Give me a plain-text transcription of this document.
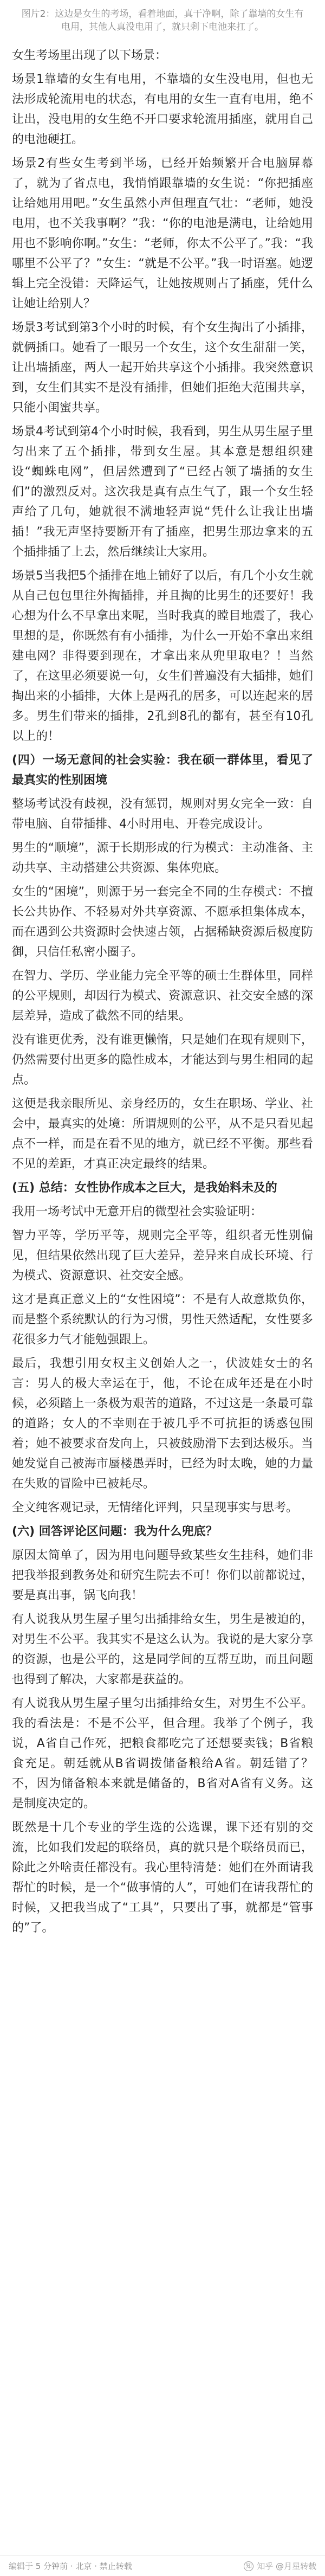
图片2：这边是女生的考场，看着地面，真干净啊，除了靠墙的女生有电用，其他人真没电用了，就只剩下电池来扛了。

女生考场里出现了以下场景：

场景1靠墙的女生有电用，不靠墙的女生没电用，但也无法形成轮流用电的状态，有电用的女生一直有电用，绝不让出，没电用的女生绝不开口要求轮流用插座，就用自己的电池硬扛。

场景2有些女生考到半场，已经开始频繁开合电脑屏幕了，就为了省点电，我悄悄跟靠墙的女生说：“你把插座让给她用用吧。”女生虽然小声但理直气壮：“老师，她没电用，也不关我事啊？”我：“你的电池是满电，让给她用用也不影响你啊。”女生：“老师，你太不公平了。”我：“我哪里不公平了？”女生：“就是不公平。”我一时语塞。她逻辑上完全没错：天降运气，让她按规则占了插座，凭什么让她让给别人？

场景3考试到第3个小时的时候，有个女生掏出了小插排，就俩插口。她看了一眼另一个女生，这个女生甜甜一笑，让出墙插座，两人一起开始共享这个小插排。我突然意识到，女生们其实不是没有插排，但她们拒绝大范围共享，只能小闺蜜共享。

场景4考试到第4个小时时候，我看到，男生从男生屋子里匀出来了五个插排，带到女生屋。其本意是想组织建设“蜘蛛电网”，但居然遭到了“已经占领了墙插的女生们”的激烈反对。这次我是真有点生气了，跟一个女生轻声给了几句，她就很不满地轻声说“凭什么让我让出墙插！”我无声坚持要断开有了插座，把男生那边拿来的五个插排插了上去，然后继续让大家用。

场景5当我把5个插排在地上铺好了以后，有几个小女生就从自己包包里往外掏插排，并且掏的比男生的还要好！我心想为什么不早拿出来呢，当时我真的瞠目地震了，我心里想的是，你既然有有小插排，为什么一开始不拿出来组建电网？非得要到现在，才拿出来从兜里取电？！当然了，在这里必须要说一句，女生们普遍没有大插排，她们掏出来的小插排，大体上是两孔的居多，可以连起来的居多。男生们带来的插排，2孔到8孔的都有，甚至有10孔以上的！

(四）一场无意间的社会实验：我在硕一群体里，看见了最真实的性别困境

整场考试没有歧视，没有惩罚，规则对男女完全一致：自带电脑、自带插排、4小时用电、开卷完成设计。

男生的“顺境”，源于长期形成的行为模式：主动准备、主动共享、主动搭建公共资源、集体兜底。

女生的“困境”，则源于另一套完全不同的生存模式：不擅长公共协作、不轻易对外共享资源、不愿承担集体成本，而在遇到公共资源时会快速占领，占据稀缺资源后极度防御，只信任私密小圈子。

在智力、学历、学业能力完全平等的硕士生群体里，同样的公平规则，却因行为模式、资源意识、社交安全感的深层差异，造成了截然不同的结果。

没有谁更优秀，没有谁更懒惰，只是她们在现有规则下，仍然需要付出更多的隐性成本，才能达到与男生相同的起点。

这便是我亲眼所见、亲身经历的，女生在职场、学业、社会中，最真实的处境：所谓规则的公平，从不是只看见起点不一样，而是在看不见的地方，就已经不平衡。那些看不见的差距，才真正决定最终的结果。

(五) 总结：女性协作成本之巨大，是我始料未及的

我用一场考试中无意开启的微型社会实验证明：

智力平等，学历平等，规则完全平等，组织者无性别偏见，但结果依然出现了巨大差异，差异来自成长环境、行为模式、资源意识、社交安全感。

这才是真正意义上的“女性困境”：不是有人故意欺负你，而是整个系统默认的行为习惯，男性天然适配，女性要多花很多力气才能勉强跟上。

最后，我想引用女权主义创始人之一，伏波娃女士的名言：男人的极大幸运在于，他，不论在成年还是在小时候，必须踏上一条极为艰苦的道路，不过这是一条最可靠的道路；女人的不幸则在于被几乎不可抗拒的诱惑包围着；她不被要求奋发向上，只被鼓励滑下去到达极乐。当她发觉自己被海市蜃楼愚弄时，已经为时太晚，她的力量在失败的冒险中已被耗尽。

全文纯客观记录，无情绪化评判，只呈现事实与思考。

(六) 回答评论区问题：我为什么兜底？

原因太简单了，因为用电问题导致某些女生挂科，她们非把我举报到教务处和研究生院去不可！你们以前都说过，要是真出事，锅飞向我！

有人说我从男生屋子里匀出插排给女生，男生是被迫的，对男生不公平。我其实不是这么认为。我说的是大家分享的资源，也是公平的，这是同学间的互帮互助，而且问题也得到了解决，大家都是获益的。

有人说我从男生屋子里匀出插排给女生，对男生不公平。我的看法是：不是不公平，但合理。我举了个例子，我说，A省自己作死，把粮食都吃完了还想要卖钱；B省粮食充足。朝廷就从B省调拨储备粮给A省。朝廷错了？不，因为储备粮本来就是储备的，B省对A省有义务。这是制度决定的。

既然是十几个专业的学生选的公选课，课下还有别的交流，比如我们发起的联络员，真的就只是个联络员而已，除此之外啥责任都没有。我心里特清楚：她们在外面请我帮忙的时候，是一个“做事情的人”，可她们在请我帮忙的时候，又把我当成了“工具”，只要出了事，就都是“管事的”了。

编辑于 5 分钟前 · 北京 · 禁止转载	知 知乎 @月星转载
